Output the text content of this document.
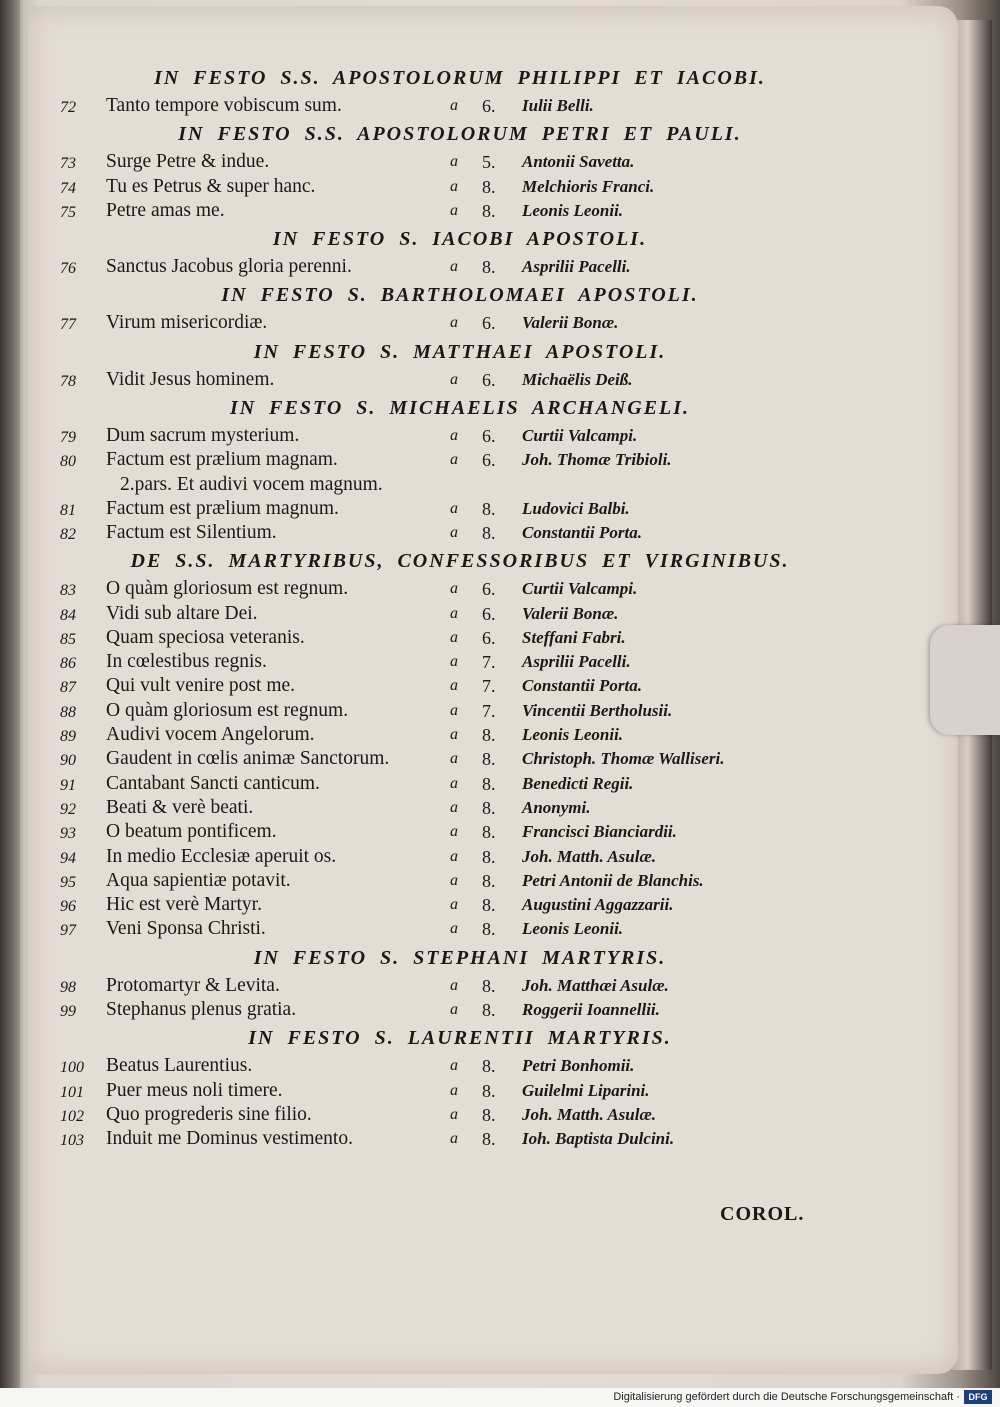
IN FESTO S.S. APOSTOLORUM PHILIPPI ET IACOBI.
72 Tanto tempore vobiscum sum.	a 6. Iulii Belli.
IN FESTO S.S. APOSTOLORUM PETRI ET PAULI.
73 Surge Petre & indue.	a 5. Antonii Savetta.
74 Tu es Petrus & super hanc.	a 8. Melchioris Franci.
75 Petre amas me.	a 8. Leonis Leonii.
IN FESTO S. IACOBI APOSTOLI.
76 Sanctus Jacobus gloria perenni.	a 8. Asprilii Pacelli.
IN FESTO S. BARTHOLOMAEI APOSTOLI.
77 Virum misericordiæ.	a 6. Valerii Bonæ.
IN FESTO S. MATTHAEI APOSTOLI.
78 Vidit Jesus hominem.	a 6. Michaëlis Deiß.
IN FESTO S. MICHAELIS ARCHANGELI.
79 Dum sacrum mysterium.	a 6. Curtii Valcampi.
80 Factum est prælium magnam.	a 6. Joh. Thomæ Tribioli.
2.pars. Et audivi vocem magnum.
81 Factum est prælium magnum.	a 8. Ludovici Balbi.
82 Factum est Silentium.	a 8. Constantii Porta.
DE S.S. MARTYRIBUS, CONFESSORIBUS ET VIRGINIBUS.
83 O quàm gloriosum est regnum.	a 6. Curtii Valcampi.
84 Vidi sub altare Dei.	a 6. Valerii Bonæ.
85 Quam speciosa veteranis.	a 6. Steffani Fabri.
86 In cœlestibus regnis.	a 7. Asprilii Pacelli.
87 Qui vult venire post me.	a 7. Constantii Porta.
88 O quàm gloriosum est regnum.	a 7. Vincentii Bertholusii.
89 Audivi vocem Angelorum.	a 8. Leonis Leonii.
90 Gaudent in cœlis animæ Sanctorum.	a 8. Christoph. Thomæ Walliseri.
91 Cantabant Sancti canticum.	a 8. Benedicti Regii.
92 Beati & verè beati.	a 8. Anonymi.
93 O beatum pontificem.	a 8. Francisci Bianciardii.
94 In medio Ecclesiæ aperuit os.	a 8. Joh. Matth. Asulæ.
95 Aqua sapientiæ potavit.	a 8. Petri Antonii de Blanchis.
96 Hic est verè Martyr.	a 8. Augustini Aggazzarii.
97 Veni Sponsa Christi.	a 8. Leonis Leonii.
IN FESTO S. STEPHANI MARTYRIS.
98 Protomartyr & Levita.	a 8. Joh. Matthæi Asulæ.
99 Stephanus plenus gratia.	a 8. Roggerii Ioannellii.
IN FESTO S. LAURENTII MARTYRIS.
100 Beatus Laurentius.	a 8. Petri Bonhomii.
101 Puer meus noli timere.	a 8. Guilelmi Liparini.
102 Quo progrederis sine filio.	a 8. Joh. Matth. Asulæ.
103 Induit me Dominus vestimento.	a 8. Ioh. Baptista Dulcini.
COROL.
Digitalisierung gefördert durch die Deutsche Forschungsgemeinschaft · DFG
